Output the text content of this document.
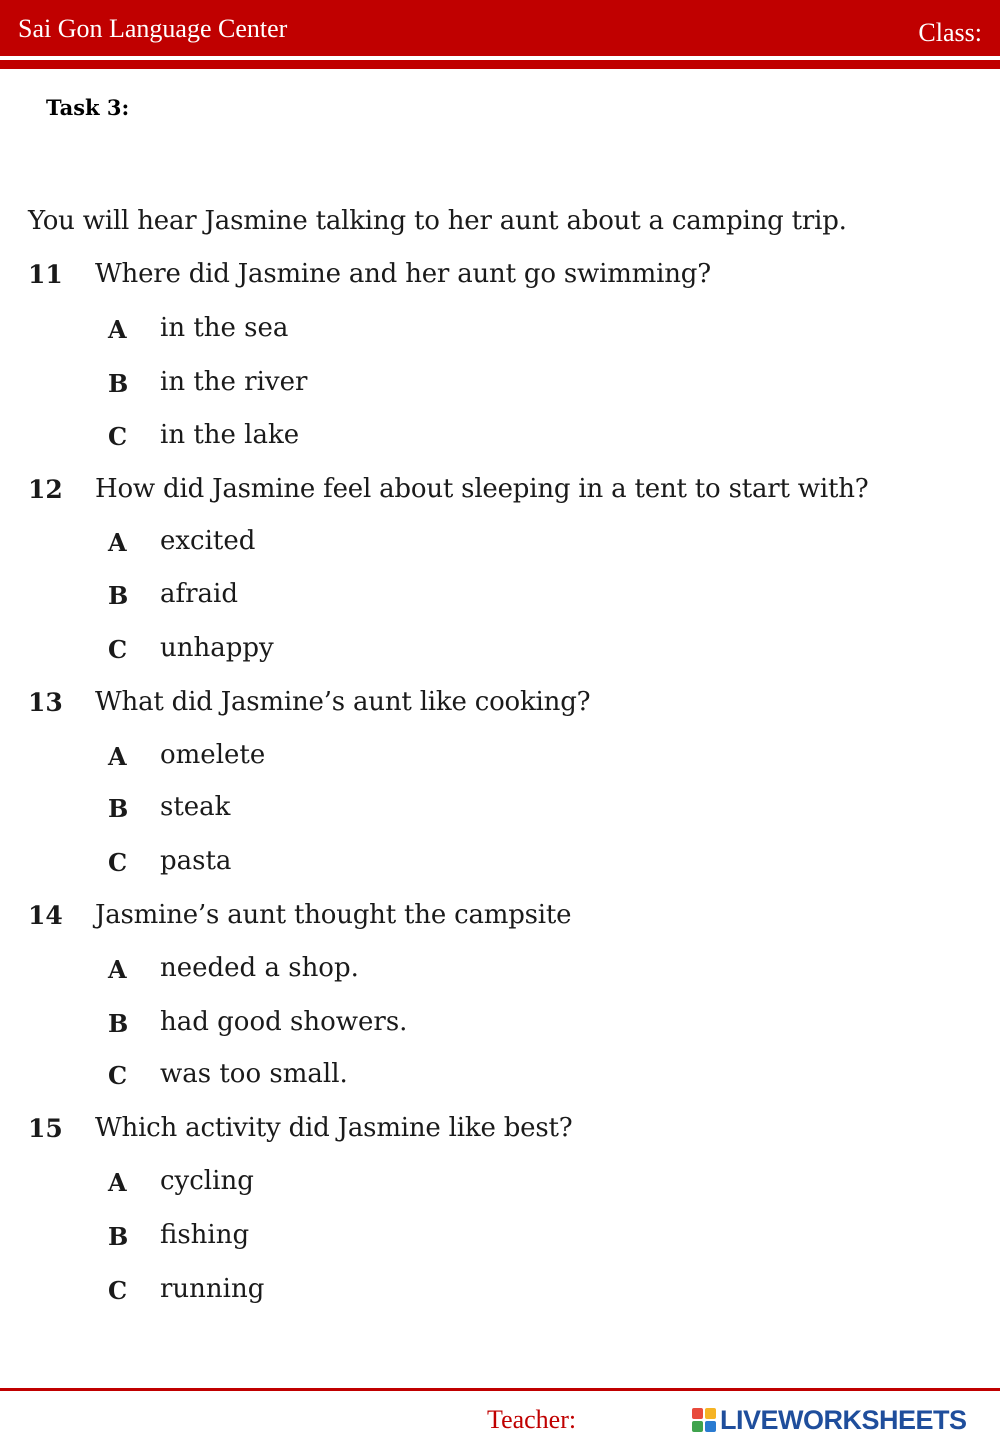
Sai Gon Language Center	Class:
Task 3:
You will hear Jasmine talking to her aunt about a camping trip.
11 Where did Jasmine and her aunt go swimming?
A in the sea
B in the river
C in the lake
12 How did Jasmine feel about sleeping in a tent to start with?
A excited
B afraid
C unhappy
13 What did Jasmine’s aunt like cooking?
A omelete
B steak
C pasta
14 Jasmine’s aunt thought the campsite
A needed a shop.
B had good showers.
C was too small.
15 Which activity did Jasmine like best?
A cycling
B fishing
C running
Teacher:	LIVEWORKSHEETS
